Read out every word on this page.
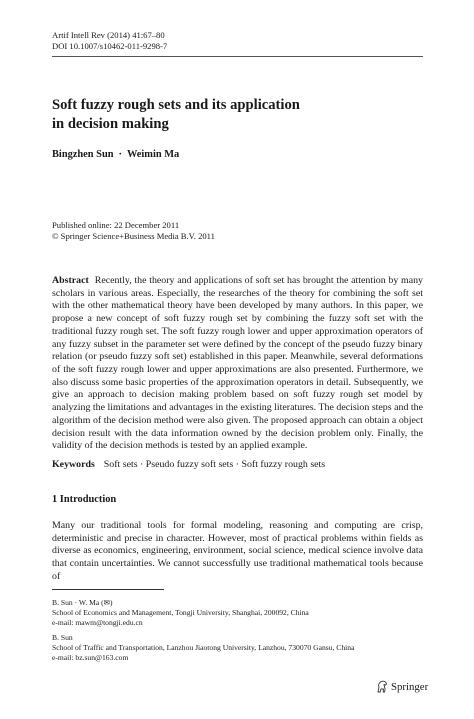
Artif Intell Rev (2014) 41:67–80
DOI 10.1007/s10462-011-9298-7
Soft fuzzy rough sets and its application
in decision making
Bingzhen Sun · Weimin Ma
Published online: 22 December 2011
© Springer Science+Business Media B.V. 2011
Abstract Recently, the theory and applications of soft set has brought the attention by many scholars in various areas. Especially, the researches of the theory for combining the soft set with the other mathematical theory have been developed by many authors. In this paper, we propose a new concept of soft fuzzy rough set by combining the fuzzy soft set with the traditional fuzzy rough set. The soft fuzzy rough lower and upper approximation operators of any fuzzy subset in the parameter set were defined by the concept of the pseudo fuzzy binary relation (or pseudo fuzzy soft set) established in this paper. Meanwhile, several deformations of the soft fuzzy rough lower and upper approximations are also presented. Furthermore, we also discuss some basic properties of the approximation operators in detail. Subsequently, we give an approach to decision making problem based on soft fuzzy rough set model by analyzing the limitations and advantages in the existing literatures. The decision steps and the algorithm of the decision method were also given. The proposed approach can obtain a object decision result with the data information owned by the decision problem only. Finally, the validity of the decision methods is tested by an applied example.
Keywords Soft sets · Pseudo fuzzy soft sets · Soft fuzzy rough sets
1 Introduction
Many our traditional tools for formal modeling, reasoning and computing are crisp, deterministic and precise in character. However, most of practical problems within fields as diverse as economics, engineering, environment, social science, medical science involve data that contain uncertainties. We cannot successfully use traditional mathematical tools because of
B. Sun · W. Ma (✉)
School of Economics and Management, Tongji University, Shanghai, 200092, China
e-mail: mawm@tongji.edu.cn
B. Sun
School of Traffic and Transportation, Lanzhou Jiaotong University, Lanzhou, 730070 Gansu, China
e-mail: bz.sun@163.com
Springer
